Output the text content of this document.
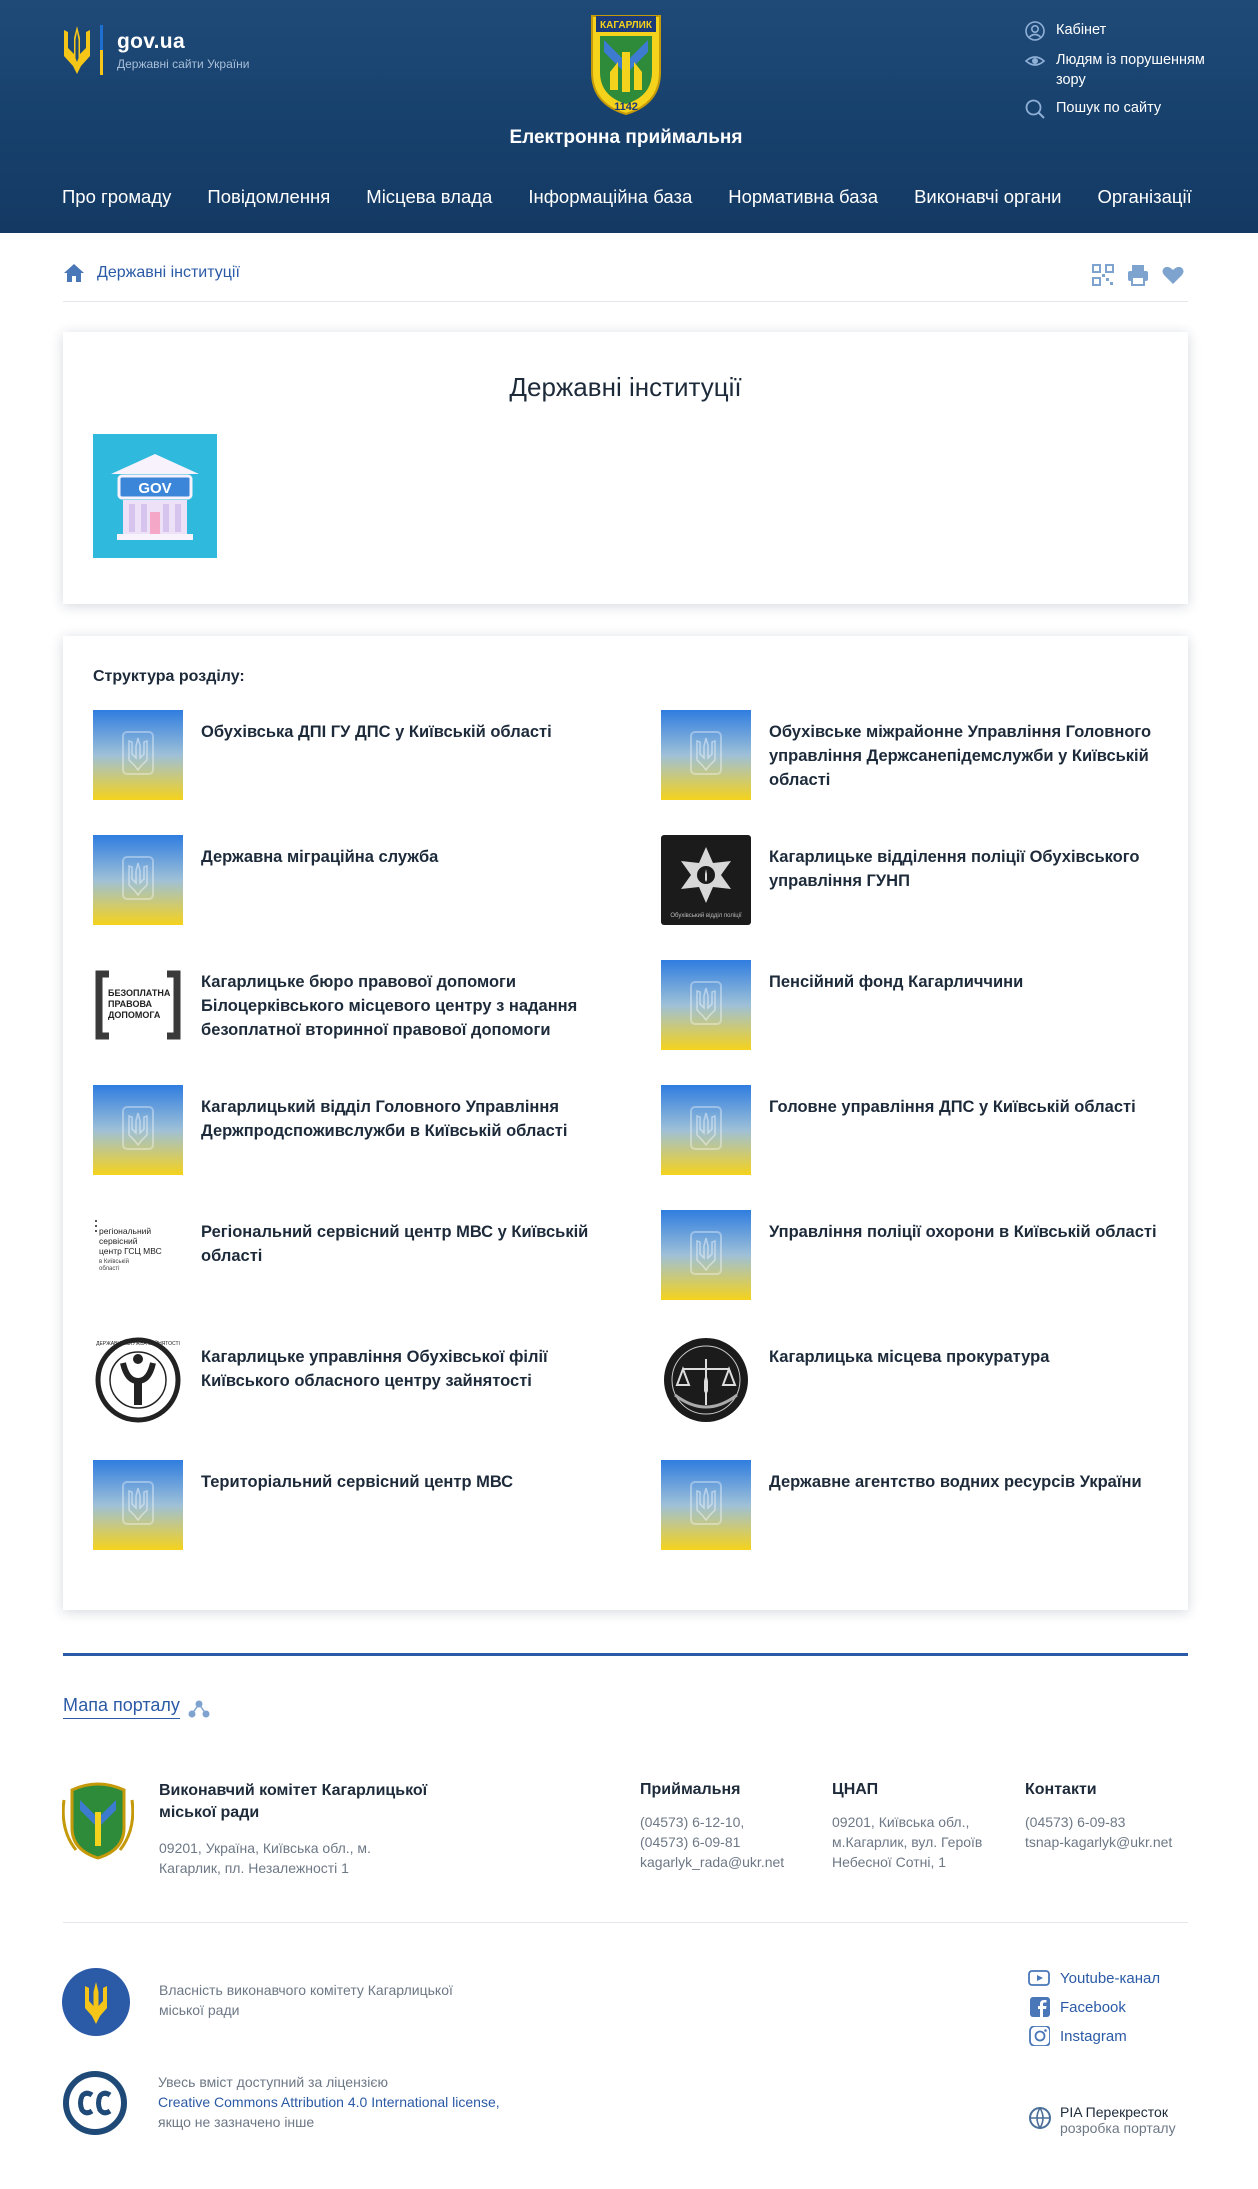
gov.ua
Державні сайти України
КАГАРЛИК
1142
Електронна приймальня
Кабінет
Людям із порушенням зору
Пошук по сайту
Про громаду Повідомлення Місцева влада Інформаційна база Нормативна база Виконавчі органи Організації
Державні інституції
Державні інституції
GOV
Структура розділу:
Обухівська ДПІ ГУ ДПС у Київській області	Обухівське міжрайонне Управління Головного управління Держсанепідемслужби у Київській області
Державна міграційна служба
Обухівський відділ поліції
Кагарлицьке відділення поліції Обухівського управління ГУНП
БЕЗОПЛАТНА
ПРАВОВА
ДОПОМОГА
Кагарлицьке бюро правової допомоги Білоцерківського місцевого центру з надання безоплатної вторинної правової допомоги
Пенсійний фонд Кагарличчини
Кагарлицький відділ Головного Управління Держпродспоживслужби в Київській області
Головне управління ДПС у Київській області
регіональний
сервісний
центр ГСЦ МВС
в Київській
області
Регіональний сервісний центр МВС у Київській області
Управління поліції охорони в Київській області
ДЕРЖАВНА СЛУЖБА ЗАЙНЯТОСТІ
Кагарлицьке управління Обухівської філії Київського обласного центру зайнятості
Кагарлицька місцева прокуратура
Територіальний сервісний центр МВС	Державне агентство водних ресурсів України
Мапа порталу
Виконавчий комітет Кагарлицької міської ради
09201, Україна, Київська обл., м. Кагарлик, пл. Незалежності 1
Приймальня
(04573) 6-12-10,
(04573) 6-09-81
kagarlyk_rada@ukr.net
ЦНАП
09201, Київська обл.,
м.Кагарлик, вул. Героїв
Небесної Сотні, 1
Контакти
(04573) 6-09-83
tsnap-kagarlyk@ukr.net
Власність виконавчого комітету Кагарлицької міської ради
Увесь вміст доступний за ліцензією
Creative Commons Attribution 4.0 International license,
якщо не зазначено інше
Youtube-канал
Facebook
Instagram
PIA Перекресток
розробка порталу
